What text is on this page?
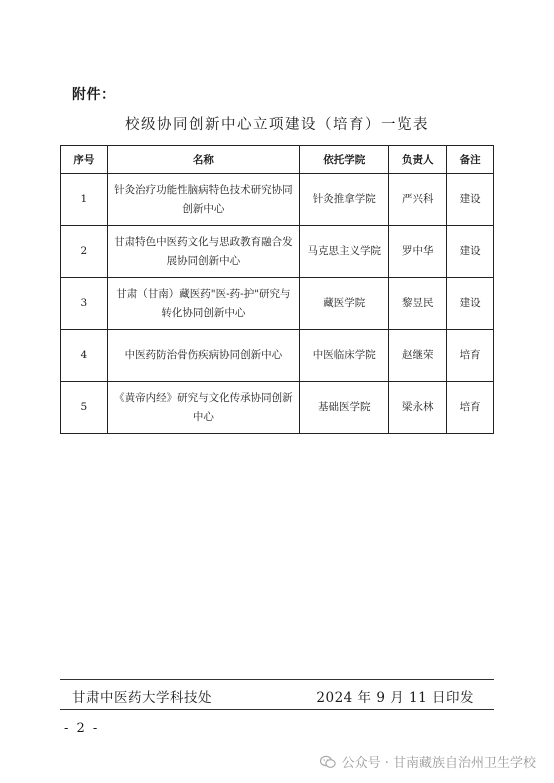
附件：
校级协同创新中心立项建设（培育）一览表
序号	名称	依托学院	负责人	备注
1	针灸治疗功能性脑病特色技术研究协同创新中心	针灸推拿学院	严兴科	建设
2	甘肃特色中医药文化与思政教育融合发展协同创新中心	马克思主义学院	罗中华	建设
3	甘肃（甘南）藏医药"医-药-护"研究与转化协同创新中心	藏医学院	黎昱民	建设
4	中医药防治骨伤疾病协同创新中心	中医临床学院	赵继荣	培育
5	《黄帝内经》研究与文化传承协同创新中心	基础医学院	梁永林	培育
甘肃中医药大学科技处	2024 年 9 月 11 日印发
- 2 -
公众号 · 甘南藏族自治州卫生学校
